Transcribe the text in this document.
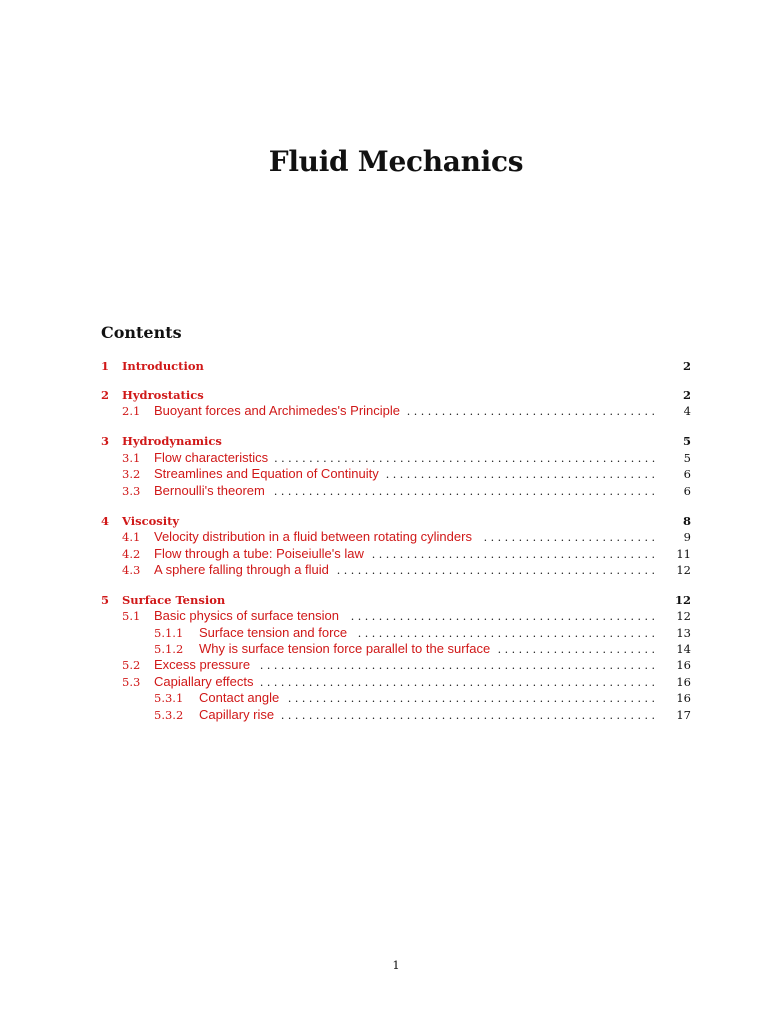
Fluid Mechanics
Contents
1	Introduction	2
2	Hydrostatics	2
2.1	Buoyant forces and Archimedes's Principle . . . . . . . . . . . . . . . . . . . . . . . . . . . . . . . . . . . .	4
3	Hydrodynamics	5
3.1	Flow characteristics . . . . . . . . . . . . . . . . . . . . . . . . . . . . . . . . . . . . . . . . . . . . . . . . . . . . . . .	5
3.2	Streamlines and Equation of Continuity . . . . . . . . . . . . . . . . . . . . . . . . . . . . . . . . . . . . . . .	6
3.3	Bernoulli's theorem . . . . . . . . . . . . . . . . . . . . . . . . . . . . . . . . . . . . . . . . . . . . . . . . . . . . . . .	6
4	Viscosity	8
4.1	Velocity distribution in a fluid between rotating cylinders	. . . . . . . . . . . . . . . . . . . . . . . . .	9
4.2	Flow through a tube: Poiseiulle's law . . . . . . . . . . . . . . . . . . . . . . . . . . . . . . . . . . . . . . . . .	11
4.3	A sphere falling through a fluid . . . . . . . . . . . . . . . . . . . . . . . . . . . . . . . . . . . . . . . . . . . . . .	12
5	Surface Tension	12
5.1	Basic physics of surface tension	. . . . . . . . . . . . . . . . . . . . . . . . . . . . . . . . . . . . . . . . . . . .	12
5.1.1	Surface tension and force . . . . . . . . . . . . . . . . . . . . . . . . . . . . . . . . . . . . . . . . . . .	13
5.1.2	Why is surface tension force parallel to the surface . . . . . . . . . . . . . . . . . . . . . . .	14
5.2	Excess pressure . . . . . . . . . . . . . . . . . . . . . . . . . . . . . . . . . . . . . . . . . . . . . . . . . . . . . . . . .	16
5.3	Capiallary effects . . . . . . . . . . . . . . . . . . . . . . . . . . . . . . . . . . . . . . . . . . . . . . . . . . . . . . . . .	16
5.3.1	Contact angle . . . . . . . . . . . . . . . . . . . . . . . . . . . . . . . . . . . . . . . . . . . . . . . . . . . . .	16
5.3.2	Capillary rise . . . . . . . . . . . . . . . . . . . . . . . . . . . . . . . . . . . . . . . . . . . . . . . . . . . . . .	17
1
